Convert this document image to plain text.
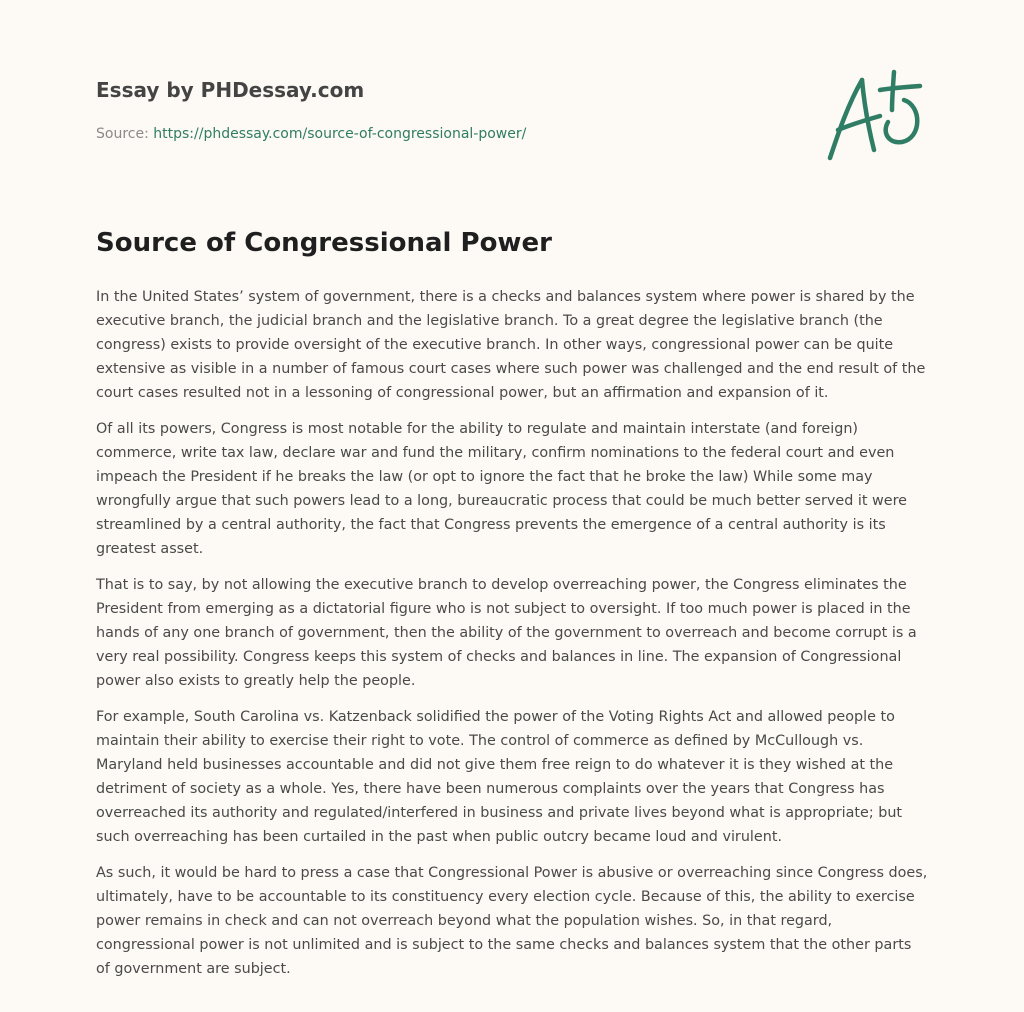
Essay by PHDessay.com
Source: https://phdessay.com/source-of-congressional-power/
Source of Congressional Power

In the United States’ system of government, there is a checks and balances system where power is shared by the executive branch, the judicial branch and the legislative branch. To a great degree the legislative branch (the congress) exists to provide oversight of the executive branch. In other ways, congressional power can be quite extensive as visible in a number of famous court cases where such power was challenged and the end result of the court cases resulted not in a lessoning of congressional power, but an affirmation and expansion of it.

Of all its powers, Congress is most notable for the ability to regulate and maintain interstate (and foreign) commerce, write tax law, declare war and fund the military, confirm nominations to the federal court and even impeach the President if he breaks the law (or opt to ignore the fact that he broke the law) While some may wrongfully argue that such powers lead to a long, bureaucratic process that could be much better served it were streamlined by a central authority, the fact that Congress prevents the emergence of a central authority is its greatest asset.

That is to say, by not allowing the executive branch to develop overreaching power, the Congress eliminates the President from emerging as a dictatorial figure who is not subject to oversight. If too much power is placed in the hands of any one branch of government, then the ability of the government to overreach and become corrupt is a very real possibility. Congress keeps this system of checks and balances in line. The expansion of Congressional power also exists to greatly help the people.

For example, South Carolina vs. Katzenback solidified the power of the Voting Rights Act and allowed people to maintain their ability to exercise their right to vote. The control of commerce as defined by McCullough vs. Maryland held businesses accountable and did not give them free reign to do whatever it is they wished at the detriment of society as a whole. Yes, there have been numerous complaints over the years that Congress has overreached its authority and regulated/interfered in business and private lives beyond what is appropriate; but such overreaching has been curtailed in the past when public outcry became loud and virulent.

As such, it would be hard to press a case that Congressional Power is abusive or overreaching since Congress does, ultimately, have to be accountable to its constituency every election cycle. Because of this, the ability to exercise power remains in check and can not overreach beyond what the population wishes. So, in that regard, congressional power is not unlimited and is subject to the same checks and balances system that the other parts of government are subject.
